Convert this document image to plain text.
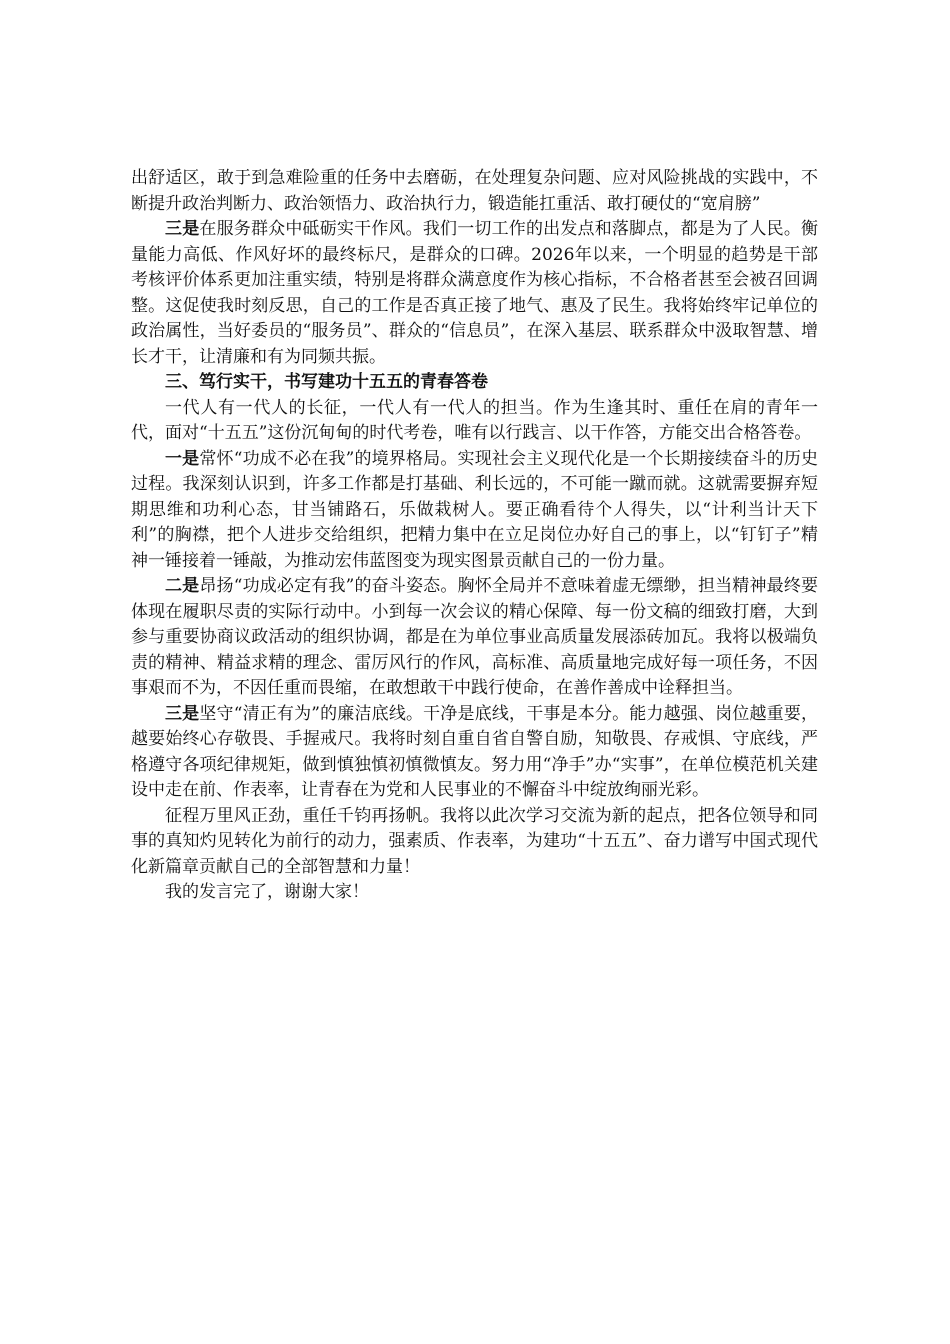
出舒适区，敢于到急难险重的任务中去磨砺，在处理复杂问题、应对风险挑战的实践中，不断提升政治判断力、政治领悟力、政治执行力，锻造能扛重活、敢打硬仗的“宽肩膀”

三是在服务群众中砥砺实干作风。我们一切工作的出发点和落脚点，都是为了人民。衡量能力高低、作风好坏的最终标尺，是群众的口碑。2026年以来，一个明显的趋势是干部考核评价体系更加注重实绩，特别是将群众满意度作为核心指标，不合格者甚至会被召回调整。这促使我时刻反思，自己的工作是否真正接了地气、惠及了民生。我将始终牢记单位的政治属性，当好委员的“服务员”、群众的“信息员”，在深入基层、联系群众中汲取智慧、增长才干，让清廉和有为同频共振。

三、笃行实干，书写建功十五五的青春答卷

一代人有一代人的长征，一代人有一代人的担当。作为生逢其时、重任在肩的青年一代，面对“十五五”这份沉甸甸的时代考卷，唯有以行践言、以干作答，方能交出合格答卷。

一是常怀“功成不必在我”的境界格局。实现社会主义现代化是一个长期接续奋斗的历史过程。我深刻认识到，许多工作都是打基础、利长远的，不可能一蹴而就。这就需要摒弃短期思维和功利心态，甘当铺路石，乐做栽树人。要正确看待个人得失，以“计利当计天下利”的胸襟，把个人进步交给组织，把精力集中在立足岗位办好自己的事上，以“钉钉子”精神一锤接着一锤敲，为推动宏伟蓝图变为现实图景贡献自己的一份力量。

二是昂扬“功成必定有我”的奋斗姿态。胸怀全局并不意味着虚无缥缈，担当精神最终要体现在履职尽责的实际行动中。小到每一次会议的精心保障、每一份文稿的细致打磨，大到参与重要协商议政活动的组织协调，都是在为单位事业高质量发展添砖加瓦。我将以极端负责的精神、精益求精的理念、雷厉风行的作风，高标准、高质量地完成好每一项任务，不因事艰而不为，不因任重而畏缩，在敢想敢干中践行使命，在善作善成中诠释担当。

三是坚守“清正有为”的廉洁底线。干净是底线，干事是本分。能力越强、岗位越重要，越要始终心存敬畏、手握戒尺。我将时刻自重自省自警自励，知敬畏、存戒惧、守底线，严格遵守各项纪律规矩，做到慎独慎初慎微慎友。努力用“净手”办“实事”，在单位模范机关建设中走在前、作表率，让青春在为党和人民事业的不懈奋斗中绽放绚丽光彩。

征程万里风正劲，重任千钧再扬帆。我将以此次学习交流为新的起点，把各位领导和同事的真知灼见转化为前行的动力，强素质、作表率，为建功“十五五”、奋力谱写中国式现代化新篇章贡献自己的全部智慧和力量！

我的发言完了，谢谢大家！
